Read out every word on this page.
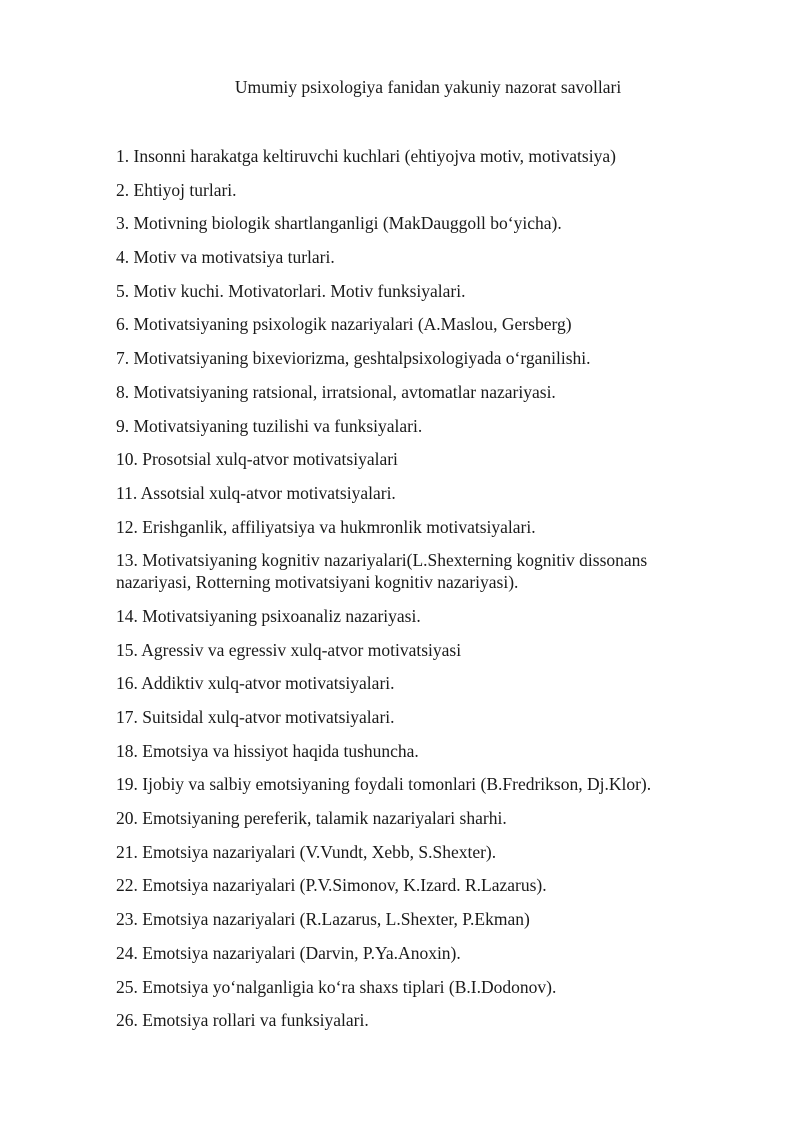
Umumiy psixologiya fanidan yakuniy nazorat savollari
1. Insonni harakatga keltiruvchi kuchlari (ehtiyojva motiv, motivatsiya)
2. Ehtiyoj turlari.
3. Motivning biologik shartlanganligi (MakDauggoll bo‘yicha).
4. Motiv va motivatsiya turlari.
5. Motiv kuchi. Motivatorlari. Motiv funksiyalari.
6. Motivatsiyaning psixologik nazariyalari (A.Maslou, Gersberg)
7. Motivatsiyaning bixeviorizma, geshtalpsixologiyada o‘rganilishi.
8. Motivatsiyaning ratsional, irratsional, avtomatlar nazariyasi.
9. Motivatsiyaning tuzilishi va funksiyalari.
10. Prosotsial xulq-atvor motivatsiyalari
11. Assotsial xulq-atvor motivatsiyalari.
12. Erishganlik, affiliyatsiya va hukmronlik motivatsiyalari.
13. Motivatsiyaning kognitiv nazariyalari(L.Shexterning kognitiv dissonans nazariyasi, Rotterning motivatsiyani kognitiv nazariyasi).
14. Motivatsiyaning psixoanaliz nazariyasi.
15. Agressiv va egressiv xulq-atvor motivatsiyasi
16. Addiktiv xulq-atvor motivatsiyalari.
17. Suitsidal xulq-atvor motivatsiyalari.
18. Emotsiya va hissiyot haqida tushuncha.
19. Ijobiy va salbiy emotsiyaning foydali tomonlari (B.Fredrikson, Dj.Klor).
20. Emotsiyaning pereferik, talamik nazariyalari sharhi.
21. Emotsiya nazariyalari (V.Vundt, Xebb, S.Shexter).
22. Emotsiya nazariyalari (P.V.Simonov, K.Izard. R.Lazarus).
23. Emotsiya nazariyalari (R.Lazarus, L.Shexter, P.Ekman)
24. Emotsiya nazariyalari (Darvin, P.Ya.Anoxin).
25. Emotsiya yo‘nalganligia ko‘ra shaxs tiplari (B.I.Dodonov).
26. Emotsiya rollari va funksiyalari.
